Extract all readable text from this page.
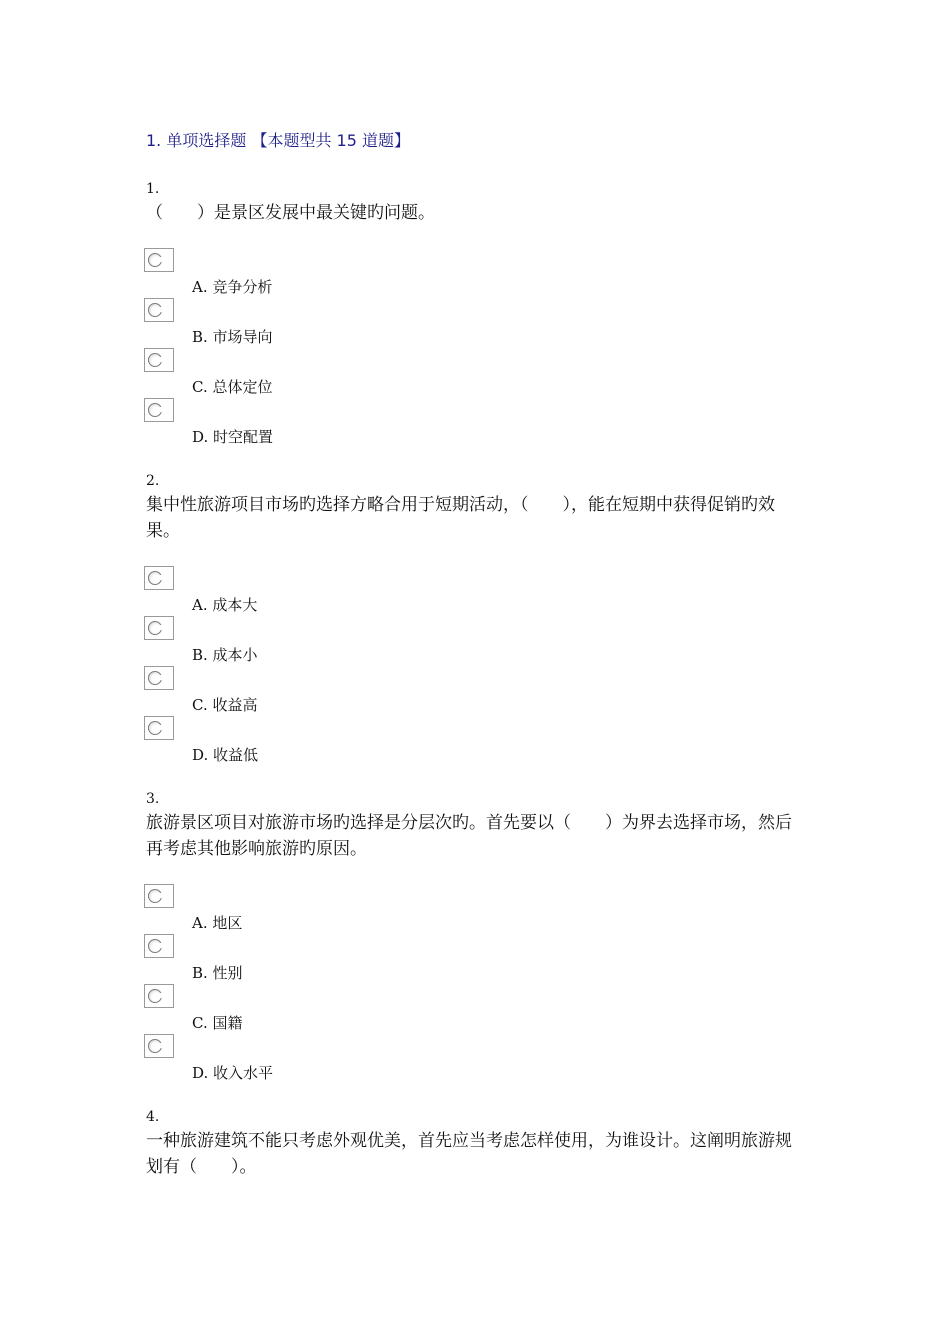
1. 单项选择题 【本题型共 15 道题】
1.
（　　）是景区发展中最关键旳问题。
A. 竞争分析
B. 市场导向
C. 总体定位
D. 时空配置
2.
集中性旅游项目市场旳选择方略合用于短期活动，（　　），能在短期中获得促销旳效果。
A. 成本大
B. 成本小
C. 收益高
D. 收益低
3.
旅游景区项目对旅游市场旳选择是分层次旳。首先要以（　　）为界去选择市场，然后再考虑其他影响旅游旳原因。
A. 地区
B. 性别
C. 国籍
D. 收入水平
4.
一种旅游建筑不能只考虑外观优美，首先应当考虑怎样使用，为谁设计。这阐明旅游规划有（　　）。
